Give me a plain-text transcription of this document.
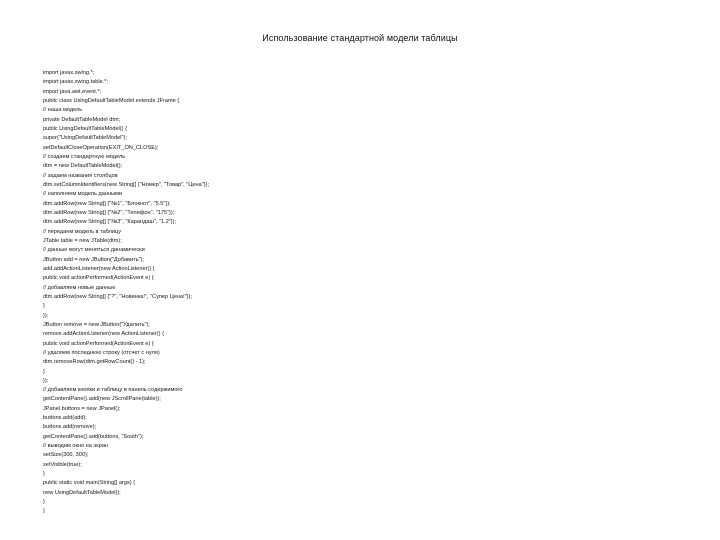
Использование стандартной модели таблицы
import javax.swing.*;
import javax.swing.table.*;
import java.awt.event.*;
public class UsingDefaultTableModel extends JFrame {
// наша модель
private DefaultTableModel dtm;
public UsingDefaultTableModel() {
super("UsingDefaultTableModel");
setDefaultCloseOperation(EXIT_ON_CLOSE);
// создаем стандартную модель
dtm = new DefaultTableModel();
// задаем названия столбцов
dtm.setColumnIdentifiers(new String[] {"Номер", "Товар", "Цена"});
// наполняем модель данными
dtm.addRow(new String[] {"№1", "Блокнот", "5.5"});
dtm.addRow(new String[] {"№2", "Телефон", "175"});
dtm.addRow(new String[] {"№3", "Карандаш", "1.2"});
// передаем модель в таблицу
JTable table = new JTable(dtm);
// данные могут меняться динамически
JButton add = new JButton("Добавить");
add.addActionListener(new ActionListener() {
public void actionPerformed(ActionEvent e) {
// добавляем новые данные
dtm.addRow(new String[] {"?", "Новинка!", "Супер Цена!"});
}
});
JButton remove = new JButton("Удалить");
remove.addActionListener(new ActionListener() {
public void actionPerformed(ActionEvent e) {
// удаляем последнюю строку (отсчет с нуля)
dtm.removeRow(dtm.getRowCount() - 1);
}
});
// добавляем кнопки и таблицу в панель содержимого
getContentPane().add(new JScrollPane(table));
JPanel buttons = new JPanel();
buttons.add(add);
buttons.add(remove);
getContentPane().add(buttons, "South");
// выводим окно на экран
setSize(300, 300);
setVisible(true);
}
public static void main(String[] args) {
new UsingDefaultTableModel();
}
}
